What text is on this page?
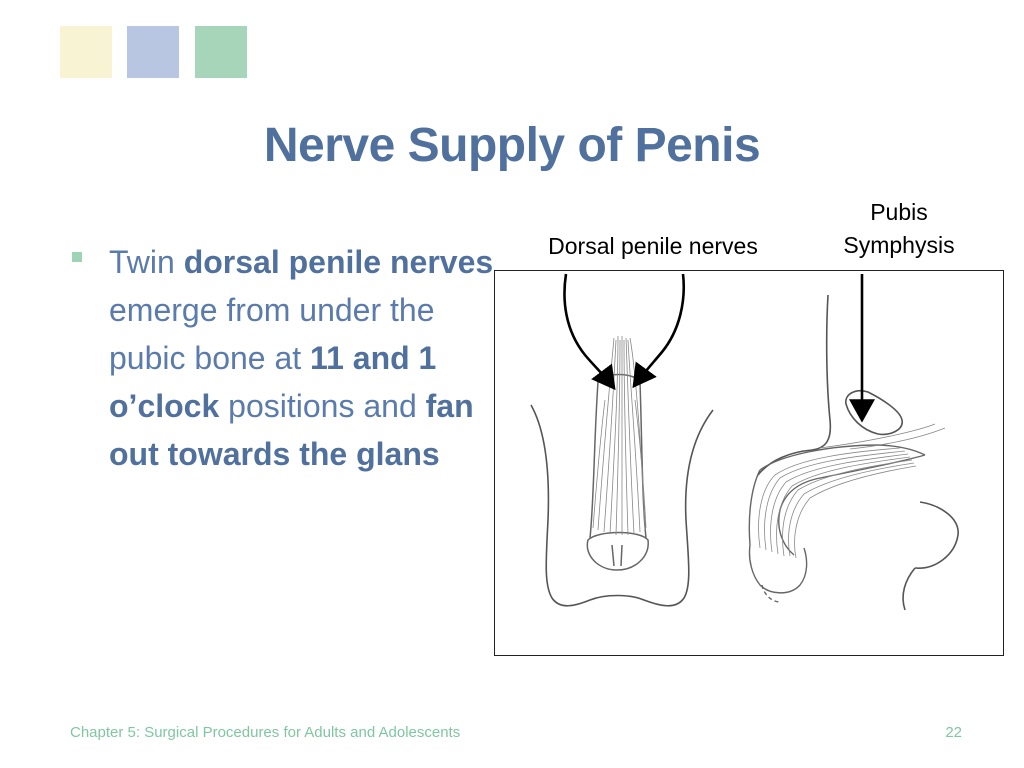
Nerve Supply of Penis
Twin dorsal penile nerves emerge from under the pubic bone at 11 and 1 o’clock positions and fan out towards the glans
Dorsal penile nerves
Pubis
Symphysis
Chapter 5: Surgical Procedures for Adults and Adolescents	22
